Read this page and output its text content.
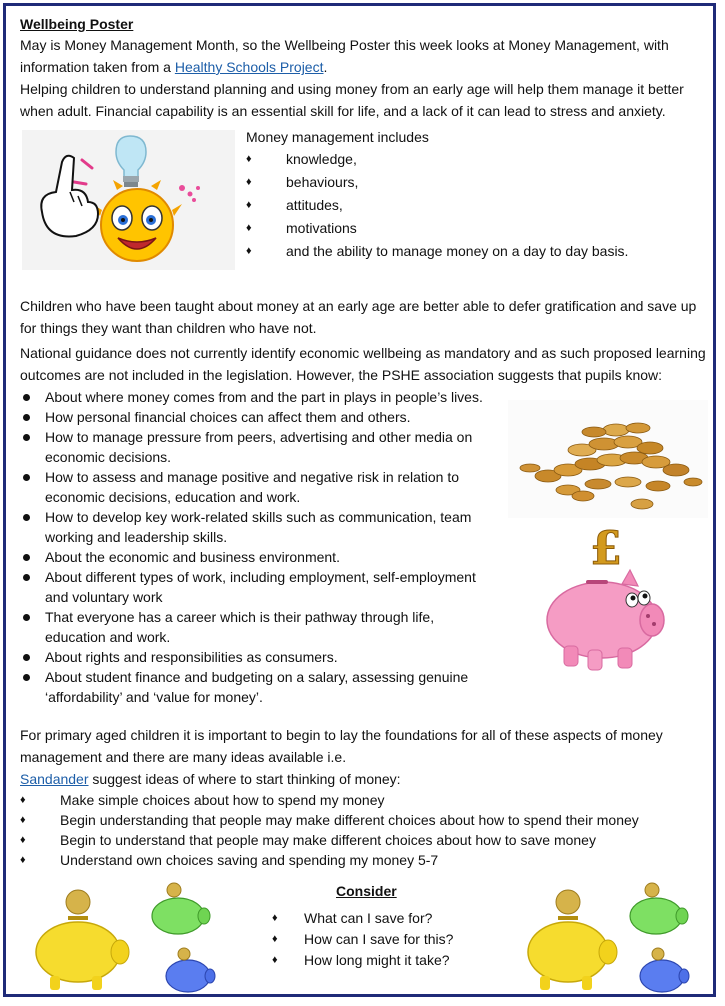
Wellbeing Poster

May is Money Management Month, so the Wellbeing Poster this week looks at Money Management, with information taken from a Healthy Schools Project.

Helping children to understand planning and using money from an early age will help them manage it better when adult. Financial capability is an essential skill for life, and a lack of it can lead to stress and anxiety.

Money management includes

♦ knowledge,
♦ behaviours,
♦ attitudes,
♦ motivations
♦ and the ability to manage money on a day to day basis.

Children who have been taught about money at an early age are better able to defer gratification and save up for things they want than children who have not.

National guidance does not currently identify economic wellbeing as mandatory and as such proposed learning outcomes are not included in the legislation. However, the PSHE association suggests that pupils know:

About where money comes from and the part in plays in people’s lives.
How personal financial choices can affect them and others.
How to manage pressure from peers, advertising and other media on economic decisions.
How to assess and manage positive and negative risk in relation to economic decisions, education and work.
How to develop key work-related skills such as communication, team working and leadership skills.
About the economic and business environment.
About different types of work, including employment, self-employment and voluntary work
That everyone has a career which is their pathway through life, education and work.
About rights and responsibilities as consumers.
About student finance and budgeting on a salary, assessing genuine ‘affordability’ and ‘value for money’.
£

For primary aged children it is important to begin to lay the foundations for all of these aspects of money management and there are many ideas available i.e.

Sandander suggest ideas of where to start thinking of money:

♦ Make simple choices about how to spend my money
♦ Begin understanding that people may make different choices about how to spend their money
♦ Begin to understand that people may make different choices about how to save money
♦ Understand own choices saving and spending my money 5-7

Consider

♦ What can I save for?
♦ How can I save for this?
♦ How long might it take?
